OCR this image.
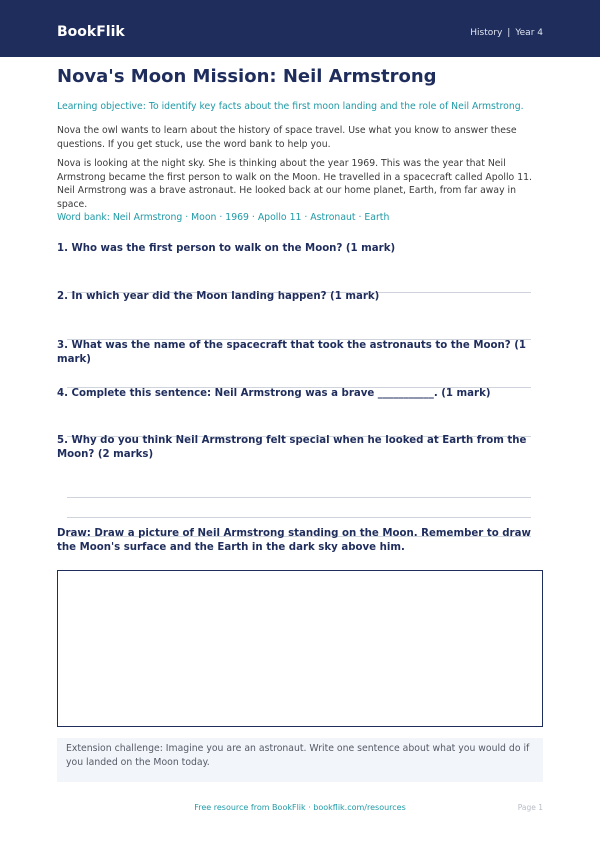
BookFlik	History | Year 4
Nova's Moon Mission: Neil Armstrong

Learning objective: To identify key facts about the first moon landing and the role of Neil Armstrong.

Nova the owl wants to learn about the history of space travel. Use what you know to answer these questions. If you get stuck, use the word bank to help you.

Nova is looking at the night sky. She is thinking about the year 1969. This was the year that Neil Armstrong became the first person to walk on the Moon. He travelled in a spacecraft called Apollo 11. Neil Armstrong was a brave astronaut. He looked back at our home planet, Earth, from far away in space.

Word bank: Neil Armstrong · Moon · 1969 · Apollo 11 · Astronaut · Earth

1. Who was the first person to walk on the Moon? (1 mark)
2. In which year did the Moon landing happen? (1 mark)
3. What was the name of the spacecraft that took the astronauts to the Moon? (1 mark)
4. Complete this sentence: Neil Armstrong was a brave ___________. (1 mark)
5. Why do you think Neil Armstrong felt special when he looked at Earth from the Moon? (2 marks)
Draw: Draw a picture of Neil Armstrong standing on the Moon. Remember to draw the Moon's surface and the Earth in the dark sky above him.
Extension challenge: Imagine you are an astronaut. Write one sentence about what you would do if you landed on the Moon today.
Free resource from BookFlik · bookflik.com/resources	Page 1
